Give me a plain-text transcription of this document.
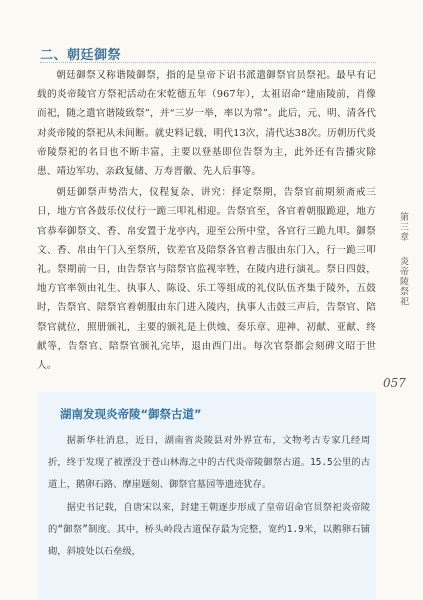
二、朝廷御祭

朝廷御祭又称谐陵御祭，指的是皇帝下诏书派遣御祭官员祭祀。最早有记载的炎帝陵官方祭祀活动在宋乾德五年（967年），太祖诏命“建庙陵前，肖像而祀，随之遣官谐陵致祭”，并“三岁一举，率以为常”。此后，元、明、清各代对炎帝陵的祭祀从未间断。就史料记载，明代13次，清代达38次。历朝历代炎帝陵祭祀的名目也不断丰富，主要以登基即位告祭为主，此外还有告播灾除患、靖边军功、亲政复储、万寿晋徽、先人后事等。

朝廷御祭声势浩大，仪程复杂、讲究：择定祭期，告祭官前期须斋戒三日，地方官各鼓乐仪仗行一跪三叩礼相迎。告祭官至，各官着朝服跪迎，地方官恭奉御祭文、香、帛安置于龙亭内，迎至公所中堂，各官行三跪九叩。御祭文、香、帛由午门入至祭所，钦差官及陪祭各官着吉服由东门入，行一跪三叩礼。祭期前一日，由告祭官与陪祭官监视宰牲，在陵内进行演礼。祭日四鼓，地方官率领由礼生、执事人、陈设、乐工等组成的礼仪队伍齐集于陵外，五鼓时，告祭官、陪祭官着朝服由东门进入陵内，执事人击鼓三声后，告祭官、陪祭官就位，照册颁礼，主要的颁礼是上供烛、奏乐章、迎神、初献、亚献、终献等，告祭官、陪祭官颁礼完毕，退由西门出。每次官祭都会刻碑文昭于世人。

第三章 　 炎帝陵祭祀
057
湖南发现炎帝陵“御祭古道”

据新华社消息，近日，湖南省炎陵县对外界宣布，文物考古专家几经周折，终于发现了被湮没于苍山林海之中的古代炎帝陵御祭古道。15.5公里的古道上，鹅卵石路、摩崖题刻、御祭官墓园等遗迹犹存。

据史书记载，自唐宋以来，封建王朝逐步形成了皇帝诏命官员祭祀炎帝陵的“御祭”制度。其中，桥头岭段古道保存最为完整，宽约1.9米，以鹅卵石铺砌，斜坡处以石垒级，
